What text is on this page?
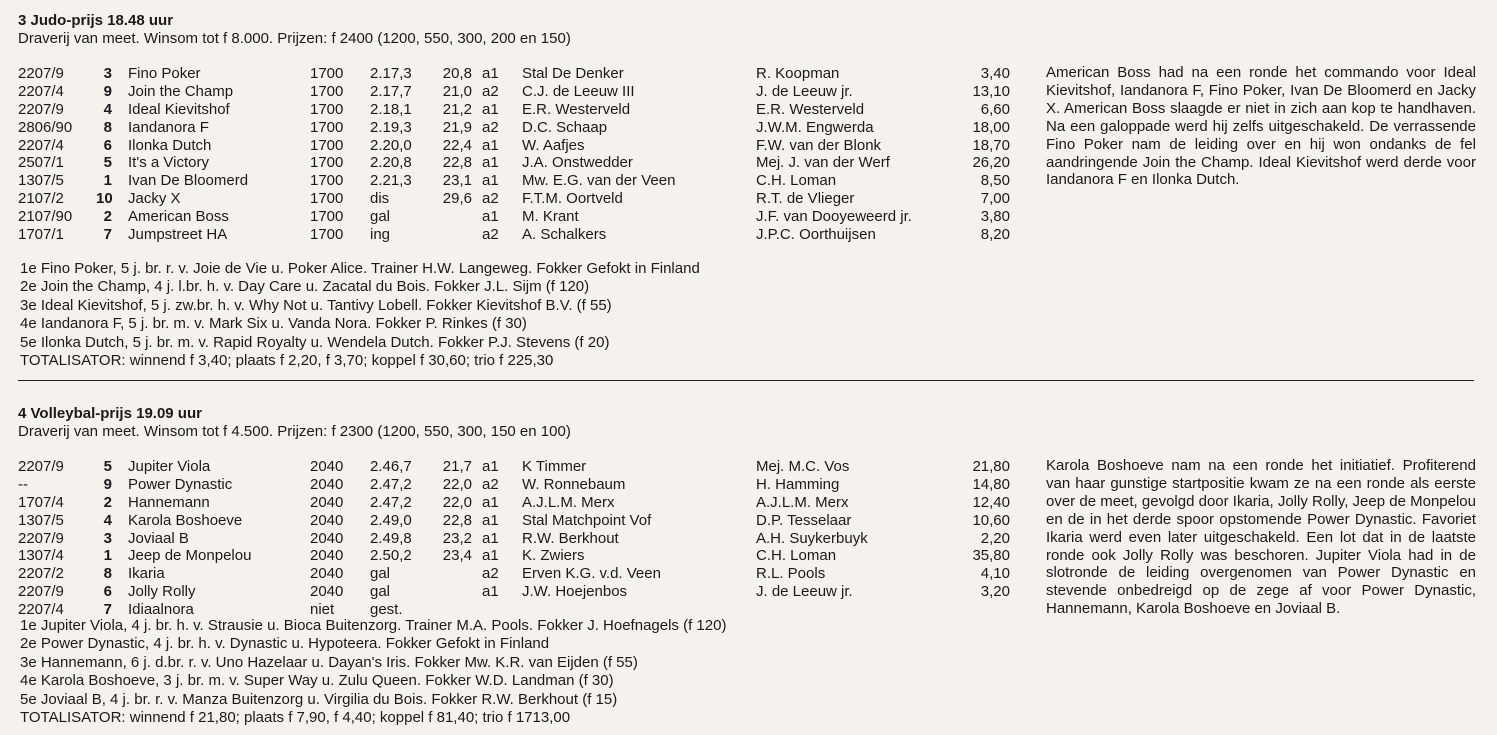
3 Judo-prijs 18.48 uur
Draverij van meet. Winsom tot f 8.000. Prijzen: f 2400 (1200, 550, 300, 200 en 150)
2207/9	3 Fino Poker	1700 2.17,3 20,8 a1 Stal De Denker	R. Koopman	3,40
2207/4	9 Join the Champ	1700 2.17,7 21,0 a2 C.J. de Leeuw III	J. de Leeuw jr.	13,10
2207/9	4 Ideal Kievitshof	1700 2.18,1 21,2 a1 E.R. Westerveld	E.R. Westerveld	6,60
2806/90	8 Iandanora F	1700 2.19,3 21,9 a2 D.C. Schaap	J.W.M. Engwerda	18,00
2207/4	6 Ilonka Dutch	1700 2.20,0 22,4 a1 W. Aafjes	F.W. van der Blonk	18,70
2507/1	5 It's a Victory	1700 2.20,8 22,8 a1 J.A. Onstwedder	Mej. J. van der Werf	26,20
1307/5	1 Ivan De Bloomerd	1700 2.21,3 23,1 a1 Mw. E.G. van der Veen	C.H. Loman	8,50
2107/2 10 Jacky X	1700 dis	29,6 a2 F.T.M. Oortveld	R.T. de Vlieger	7,00
2107/90	2 American Boss	1700 gal	a1 M. Krant	J.F. van Dooyeweerd jr.	3,80
1707/1	7 Jumpstreet HA	1700 ing	a2 A. Schalkers	J.P.C. Oorthuijsen	8,20
American Boss had na een ronde het commando voor Ideal Kievitshof, Iandanora F, Fino Poker, Ivan De Bloomerd en Jacky X. American Boss slaagde er niet in zich aan kop te handhaven. Na een galoppade werd hij zelfs uitgeschakeld. De verrassende Fino Poker nam de leiding over en hij won ondanks de fel aandringende Join the Champ. Ideal Kievitshof werd derde voor Iandanora F en Ilonka Dutch.
1e Fino Poker, 5 j. br. r. v. Joie de Vie u. Poker Alice. Trainer H.W. Langeweg. Fokker Gefokt in Finland
2e Join the Champ, 4 j. l.br. h. v. Day Care u. Zacatal du Bois. Fokker J.L. Sijm (f 120)
3e Ideal Kievitshof, 5 j. zw.br. h. v. Why Not u. Tantivy Lobell. Fokker Kievitshof B.V. (f 55)
4e Iandanora F, 5 j. br. m. v. Mark Six u. Vanda Nora. Fokker P. Rinkes (f 30)
5e Ilonka Dutch, 5 j. br. m. v. Rapid Royalty u. Wendela Dutch. Fokker P.J. Stevens (f 20)
TOTALISATOR: winnend f 3,40; plaats f 2,20, f 3,70; koppel f 30,60; trio f 225,30
4 Volleybal-prijs 19.09 uur
Draverij van meet. Winsom tot f 4.500. Prijzen: f 2300 (1200, 550, 300, 150 en 100)
2207/9	5 Jupiter Viola	2040 2.46,7 21,7 a1 K Timmer	Mej. M.C. Vos	21,80
--	9 Power Dynastic	2040 2.47,2 22,0 a2 W. Ronnebaum	H. Hamming	14,80
1707/4	2 Hannemann	2040 2.47,2 22,0 a1 A.J.L.M. Merx	A.J.L.M. Merx	12,40
1307/5	4 Karola Boshoeve	2040 2.49,0 22,8 a1 Stal Matchpoint Vof	D.P. Tesselaar	10,60
2207/9	3 Joviaal B	2040 2.49,8 23,2 a1 R.W. Berkhout	A.H. Suykerbuyk	2,20
1307/4	1 Jeep de Monpelou	2040 2.50,2 23,4 a1 K. Zwiers	C.H. Loman	35,80
2207/2	8 Ikaria	2040 gal	a2 Erven K.G. v.d. Veen	R.L. Pools	4,10
2207/9	6 Jolly Rolly	2040 gal	a1 J.W. Hoejenbos	J. de Leeuw jr.	3,20
2207/4	7 Idiaalnora	niet gest.
Karola Boshoeve nam na een ronde het initiatief. Profiterend van haar gunstige startpositie kwam ze na een ronde als eerste over de meet, gevolgd door Ikaria, Jolly Rolly, Jeep de Monpelou en de in het derde spoor opstomende Power Dynastic. Favoriet Ikaria werd even later uitgeschakeld. Een lot dat in de laatste ronde ook Jolly Rolly was beschoren. Jupiter Viola had in de slotronde de leiding overgenomen van Power Dynastic en stevende onbedreigd op de zege af voor Power Dynastic, Hannemann, Karola Boshoeve en Joviaal B.
1e Jupiter Viola, 4 j. br. h. v. Strausie u. Bioca Buitenzorg. Trainer M.A. Pools. Fokker J. Hoefnagels (f 120)
2e Power Dynastic, 4 j. br. h. v. Dynastic u. Hypoteera. Fokker Gefokt in Finland
3e Hannemann, 6 j. d.br. r. v. Uno Hazelaar u. Dayan's Iris. Fokker Mw. K.R. van Eijden (f 55)
4e Karola Boshoeve, 3 j. br. m. v. Super Way u. Zulu Queen. Fokker W.D. Landman (f 30)
5e Joviaal B, 4 j. br. r. v. Manza Buitenzorg u. Virgilia du Bois. Fokker R.W. Berkhout (f 15)
TOTALISATOR: winnend f 21,80; plaats f 7,90, f 4,40; koppel f 81,40; trio f 1713,00
